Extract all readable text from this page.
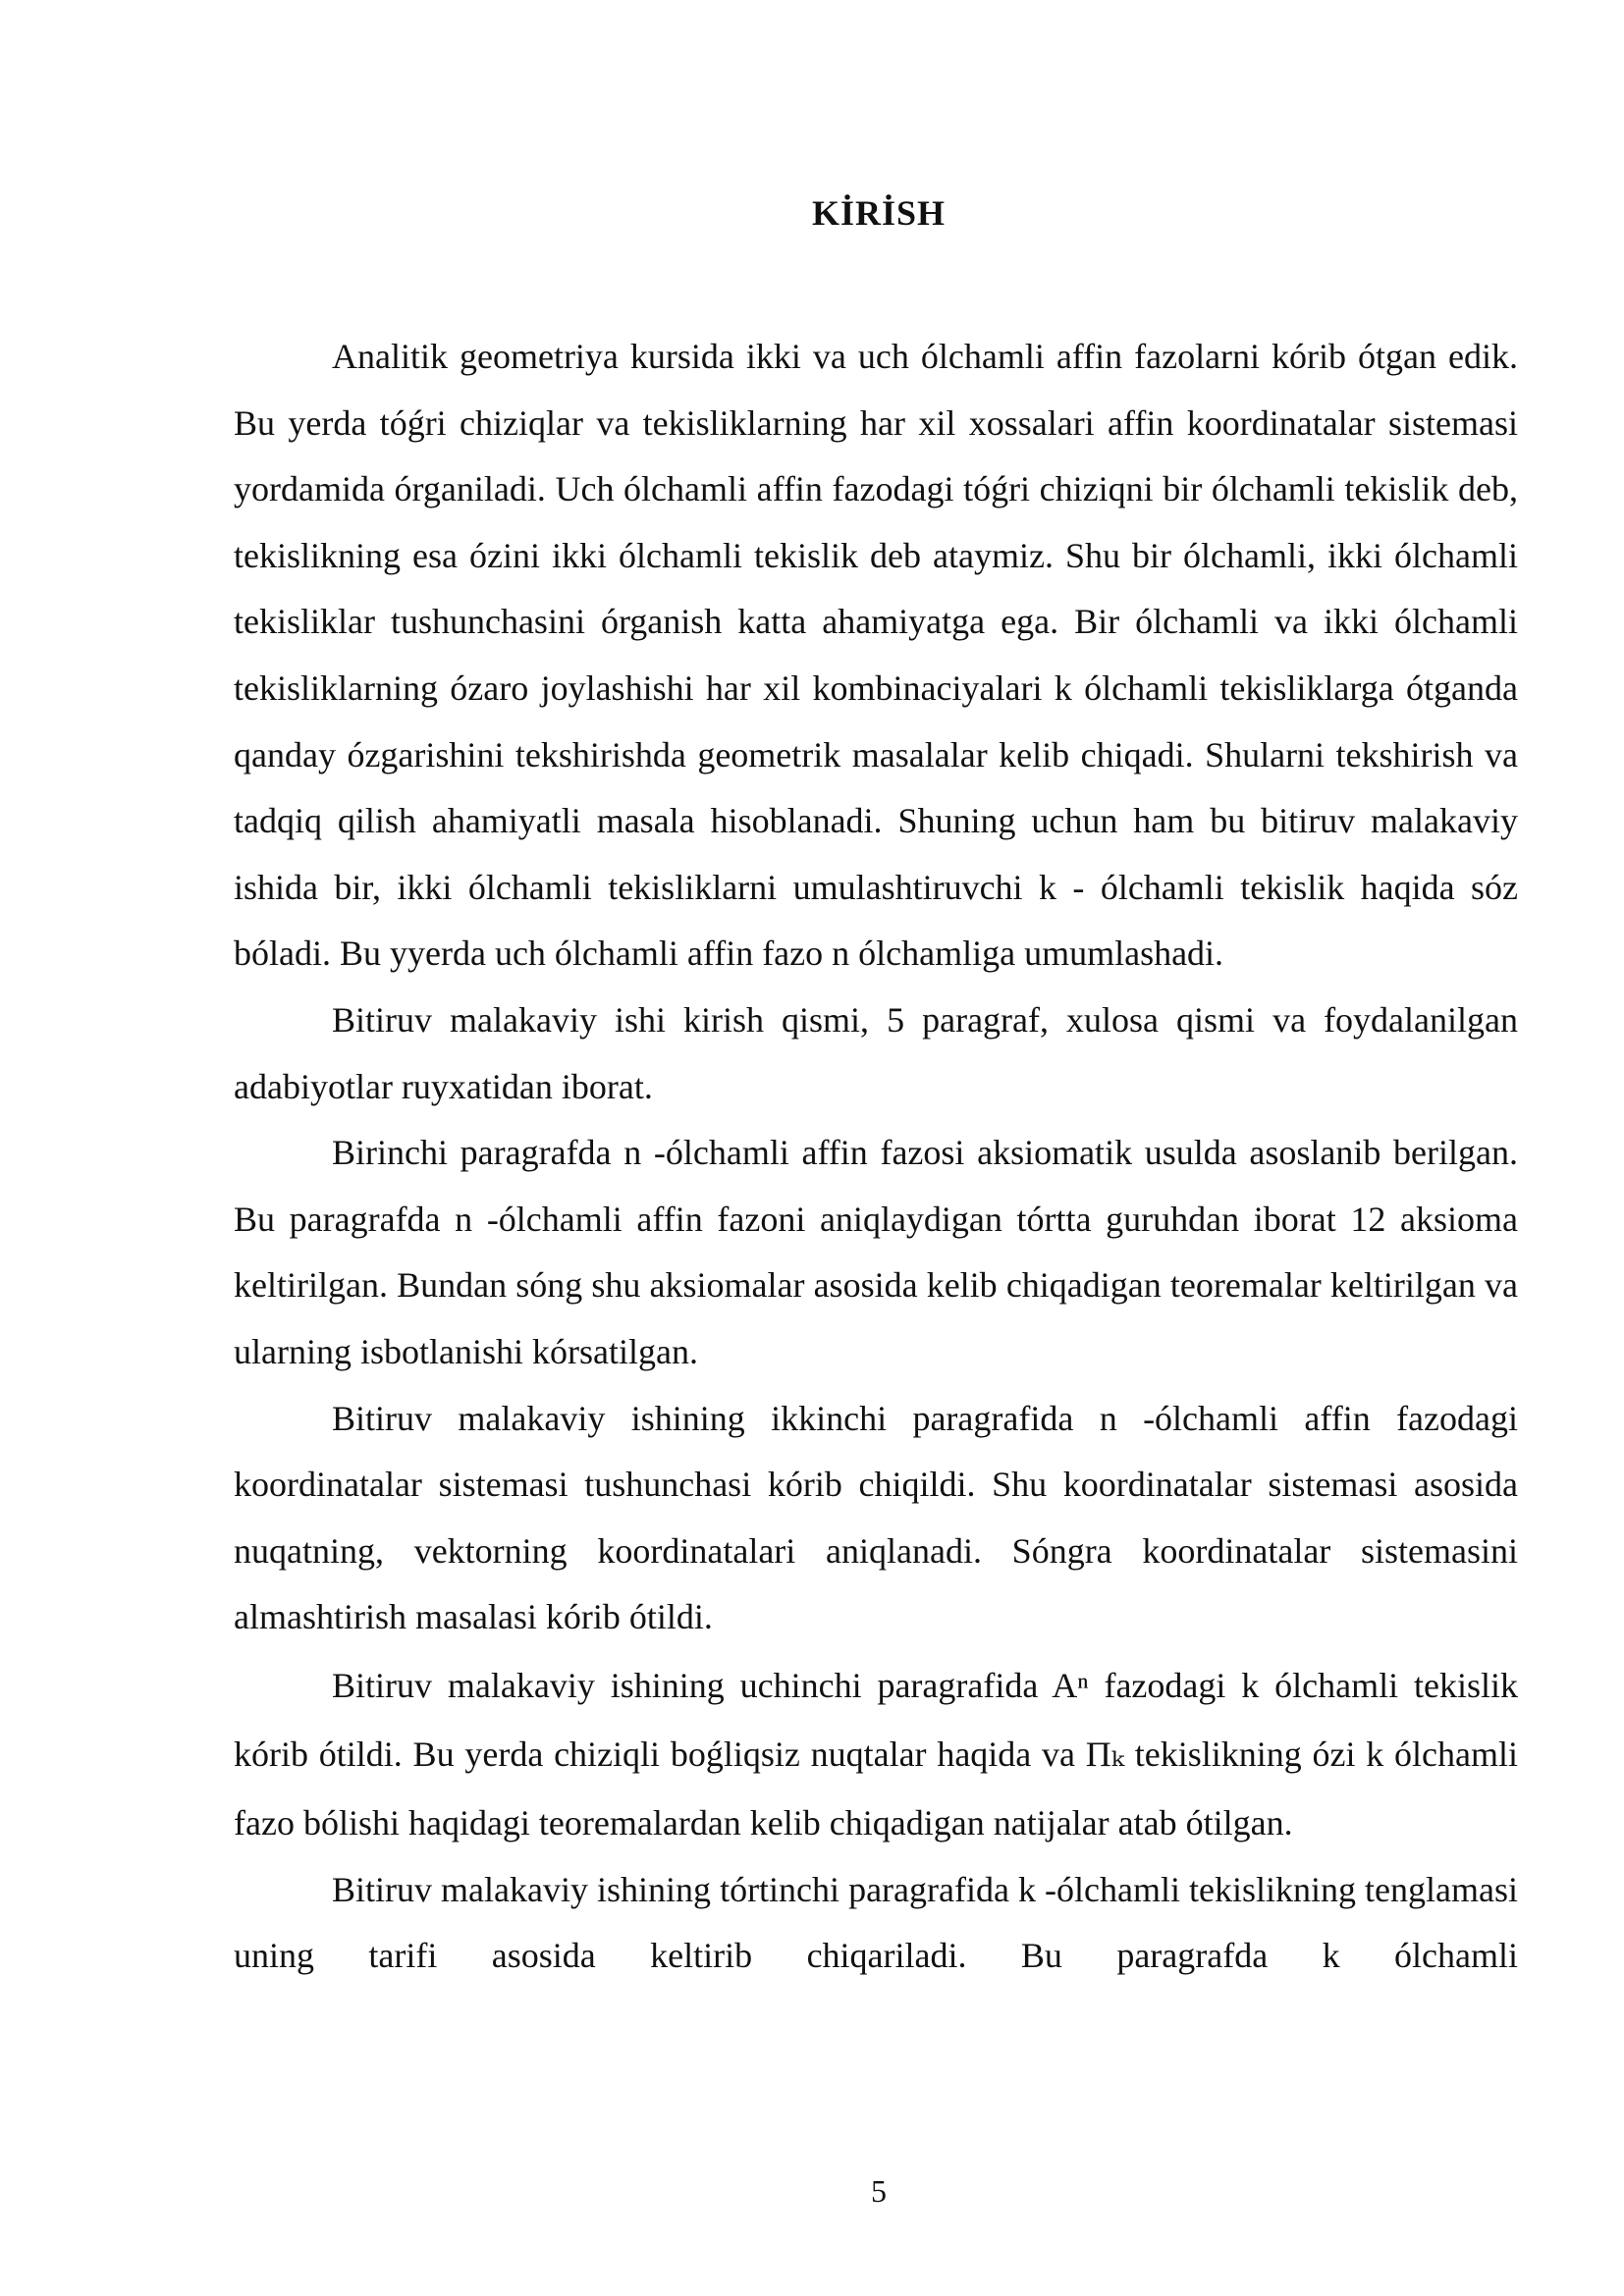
KİRİSH

Analitik geometriya kursida ikki va uch ólchamli affin fazolarni kórib ótgan edik. Bu yerda tóǵri chiziqlar va tekisliklarning har xil xossalari affin koordinatalar sistemasi yordamida órganiladi. Uch ólchamli affin fazodagi tóǵri chiziqni bir ólchamli tekislik deb, tekislikning esa ózini ikki ólchamli tekislik deb ataymiz. Shu bir ólchamli, ikki ólchamli tekisliklar tushunchasini órganish katta ahamiyatga ega. Bir ólchamli va ikki ólchamli tekisliklarning ózaro joylashishi har xil kombinaciyalari k ólchamli tekisliklarga ótganda qanday ózgarishini tekshirishda geometrik masalalar kelib chiqadi. Shularni tekshirish va tadqiq qilish ahamiyatli masala hisoblanadi. Shuning uchun ham bu bitiruv malakaviy ishida bir, ikki ólchamli tekisliklarni umulashtiruvchi k - ólchamli tekislik haqida sóz bóladi. Bu yyerda uch ólchamli affin fazo n ólchamliga umumlashadi.

Bitiruv malakaviy ishi kirish qismi, 5 paragraf, xulosa qismi va foydalanilgan adabiyotlar ruyxatidan iborat.

Birinchi paragrafda n -ólchamli affin fazosi aksiomatik usulda asoslanib berilgan. Bu paragrafda n -ólchamli affin fazoni aniqlaydigan tórtta guruhdan iborat 12 aksioma keltirilgan. Bundan sóng shu aksiomalar asosida kelib chiqadigan teoremalar keltirilgan va ularning isbotlanishi kórsatilgan.

Bitiruv malakaviy ishining ikkinchi paragrafida n -ólchamli affin fazodagi koordinatalar sistemasi tushunchasi kórib chiqildi. Shu koordinatalar sistemasi asosida nuqatning, vektorning koordinatalari aniqlanadi. Sóngra koordinatalar sistemasini almashtirish masalasi kórib ótildi.

Bitiruv malakaviy ishining uchinchi paragrafida Aⁿ fazodagi k ólchamli tekislik kórib ótildi. Bu yerda chiziqli boǵliqsiz nuqtalar haqida va Πₖ tekislikning ózi k ólchamli fazo bólishi haqidagi teoremalardan kelib chiqadigan natijalar atab ótilgan.

Bitiruv malakaviy ishining tórtinchi paragrafida k -ólchamli tekislikning tenglamasi uning tarifi asosida keltirib chiqariladi. Bu paragrafda k ólchamli

5
